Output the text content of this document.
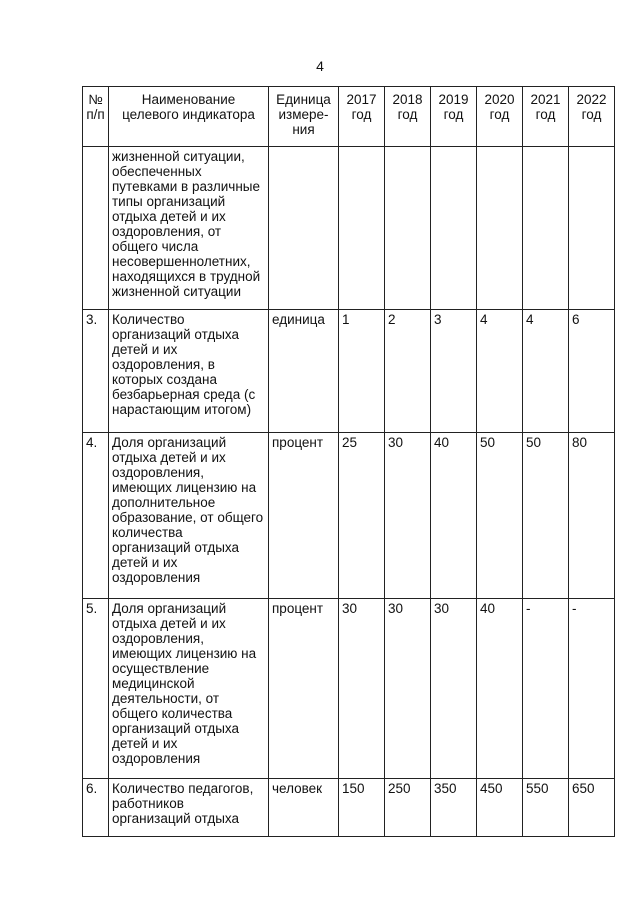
4
№ п/п	Наименование целевого индикатора	Единица измере-ния	2017 год	2018 год	2019 год	2020 год	2021 год	2022 год
	жизненной ситуации, обеспеченных путевками в различные типы организаций отдыха детей и их оздоровления, от общего числа несовершеннолетних, находящихся в трудной жизненной ситуации							
3.	Количество организаций отдыха детей и их оздоровления, в которых создана безбарьерная среда (с нарастающим итогом)	единица	1	2	3	4	4	6
4.	Доля организаций отдыха детей и их оздоровления, имеющих лицензию на дополнительное образование, от общего количества организаций отдыха детей и их оздоровления	процент	25	30	40	50	50	80
5.	Доля организаций отдыха детей и их оздоровления, имеющих лицензию на осуществление медицинской деятельности, от общего количества организаций отдыха детей и их оздоровления	процент	30	30	30	40	-	-
6.	Количество педагогов, работников организаций отдыха	человек	150	250	350	450	550	650
